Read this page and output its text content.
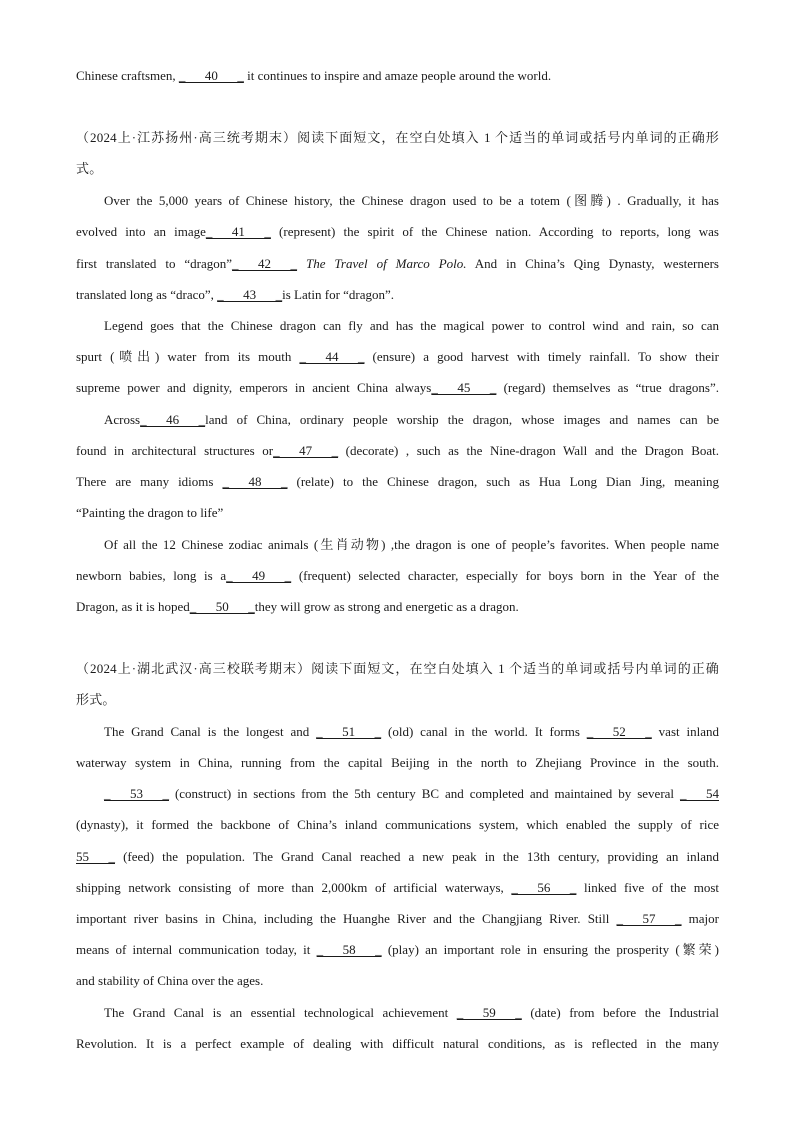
Chinese craftsmen, _      40      _ it continues to inspire and amaze people around the world.
（2024上·江苏扬州·高三统考期末）阅读下面短文，在空白处填入 1 个适当的单词或括号内单词的正确形
式。
Over the 5,000 years of Chinese history, the Chinese dragon used to be a totem (图腾) . Gradually, it has
evolved into an image_      41      _ (represent) the spirit of the Chinese nation. According to reports, long was
first translated to “dragon”_      42      _ The Travel of Marco Polo. And in China’s Qing Dynasty, westerners
translated long as “draco”, _      43      _is Latin for “dragon”.
Legend goes that the Chinese dragon can fly and has the magical power to control wind and rain, so can
spurt (喷出) water from its mouth _      44      _ (ensure) a good harvest with timely rainfall. To show their
supreme power and dignity, emperors in ancient China always_      45      _ (regard) themselves as “true dragons”.
Across_      46      _land of China, ordinary people worship the dragon, whose images and names can be
found in architectural structures or_      47      _ (decorate) , such as the Nine-dragon Wall and the Dragon Boat.
There are many idioms _      48      _ (relate) to the Chinese dragon, such as Hua Long Dian Jing, meaning
“Painting the dragon to life”
Of all the 12 Chinese zodiac animals (生肖动物) ,the dragon is one of people’s favorites. When people name
newborn babies, long is a_      49      _ (frequent) selected character, especially for boys born in the Year of the
Dragon, as it is hoped_      50      _they will grow as strong and energetic as a dragon.
（2024上·湖北武汉·高三校联考期末）阅读下面短文，在空白处填入 1 个适当的单词或括号内单词的正确
形式。
The Grand Canal is the longest and _      51      _ (old) canal in the world. It forms _      52      _ vast inland
waterway system in China, running from the capital Beijing in the north to Zhejiang Province in the south.
_      53      _ (construct) in sections from the 5th century BC and completed and maintained by several _      54
(dynasty), it formed the backbone of China’s inland communications system, which enabled the supply of rice
55      _ (feed) the population. The Grand Canal reached a new peak in the 13th century, providing an inland
shipping network consisting of more than 2,000km of artificial waterways, _      56      _ linked five of the most
important river basins in China, including the Huanghe River and the Changjiang River. Still _      57      _ major
means of internal communication today, it _      58      _ (play) an important role in ensuring the prosperity (繁荣)
and stability of China over the ages.
The Grand Canal is an essential technological achievement _      59      _ (date) from before the Industrial
Revolution. It is a perfect example of dealing with difficult natural conditions, as is reflected in the many
